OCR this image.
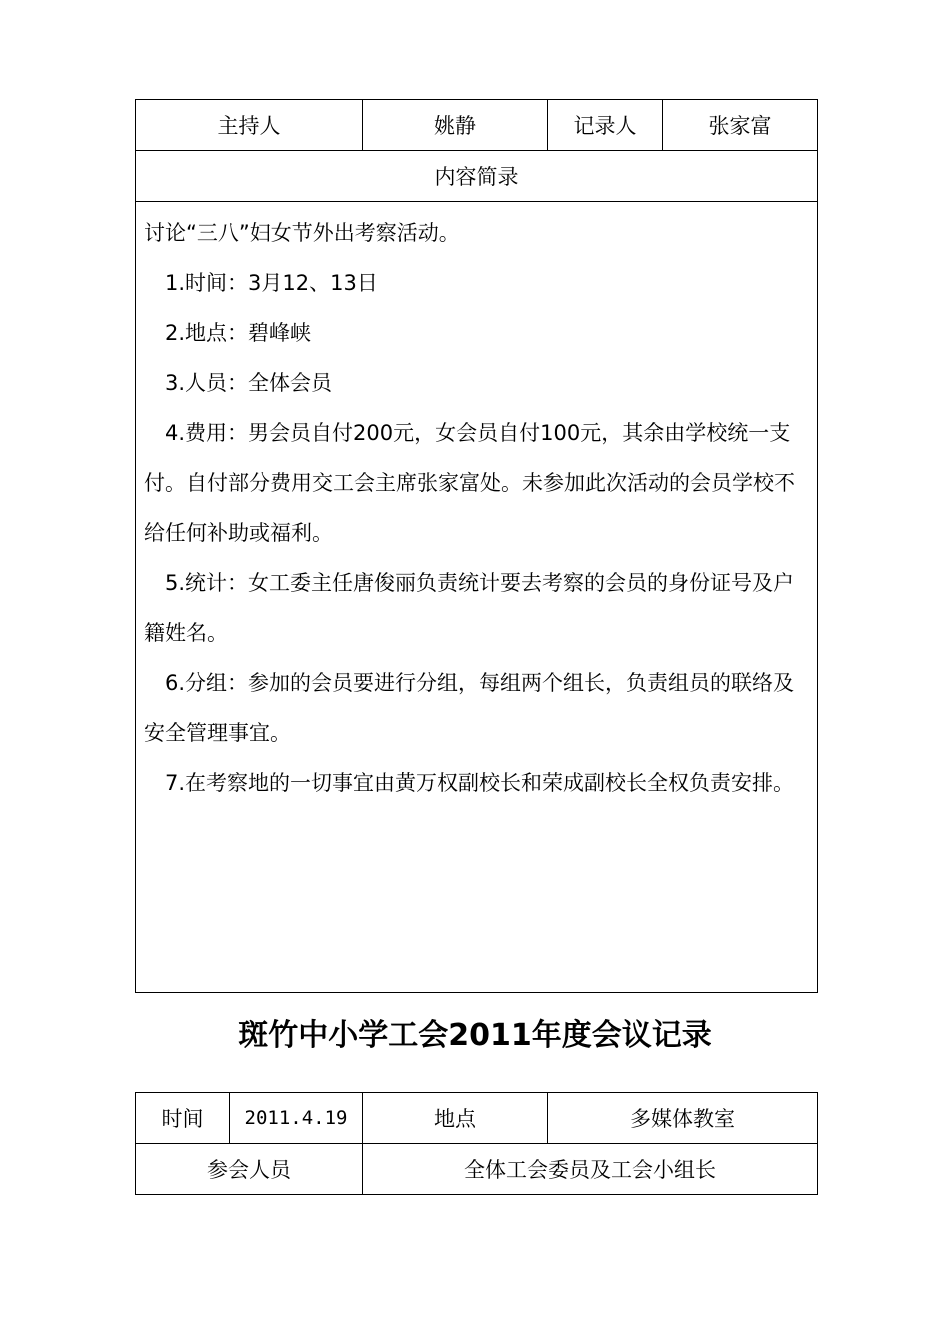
主持人	姚静	记录人	张家富
内容简录

讨论“三八”妇女节外出考察活动。

1.时间：3月12、13日

2.地点：碧峰峡

3.人员：全体会员

4.费用：男会员自付200元，女会员自付100元，其余由学校统一支付。自付部分费用交工会主席张家富处。未参加此次活动的会员学校不给任何补助或福利。

5.统计：女工委主任唐俊丽负责统计要去考察的会员的身份证号及户籍姓名。

6.分组：参加的会员要进行分组，每组两个组长，负责组员的联络及安全管理事宜。

7.在考察地的一切事宜由黄万权副校长和荣成副校长全权负责安排。

斑竹中小学工会2011年度会议记录
时间	2011.4.19	地点	多媒体教室
参会人员		全体工会委员及工会小组长	
